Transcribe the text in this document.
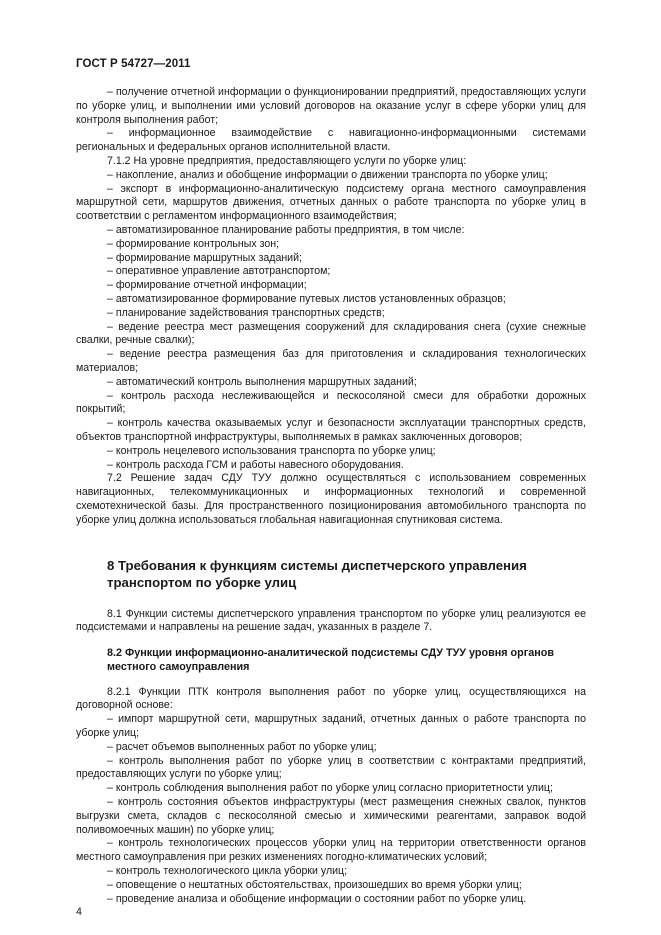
ГОСТ Р 54727—2011

– получение отчетной информации о функционировании предприятий, предоставляющих услуги по уборке улиц, и выполнении ими условий договоров на оказание услуг в сфере уборки улиц для контроля выполнения работ;

– информационное взаимодействие с навигационно-информационными системами региональных и федеральных органов исполнительной власти.

7.1.2 На уровне предприятия, предоставляющего услуги по уборке улиц:

– накопление, анализ и обобщение информации о движении транспорта по уборке улиц;

– экспорт в информационно-аналитическую подсистему органа местного самоуправления маршрутной сети, маршрутов движения, отчетных данных о работе транспорта по уборке улиц в соответствии с регламентом информационного взаимодействия;

– автоматизированное планирование работы предприятия, в том числе:

– формирование контрольных зон;

– формирование маршрутных заданий;

– оперативное управление автотранспортом;

– формирование отчетной информации;

– автоматизированное формирование путевых листов установленных образцов;

– планирование задействования транспортных средств;

– ведение реестра мест размещения сооружений для складирования снега (сухие снежные свалки, речные свалки);

– ведение реестра размещения баз для приготовления и складирования технологических материалов;

– автоматический контроль выполнения маршрутных заданий;

– контроль расхода неслеживающейся и пескосоляной смеси для обработки дорожных покрытий;

– контроль качества оказываемых услуг и безопасности эксплуатации транспортных средств, объектов транспортной инфраструктуры, выполняемых в рамках заключенных договоров;

– контроль нецелевого использования транспорта по уборке улиц;

– контроль расхода ГСМ и работы навесного оборудования.

7.2 Решение задач СДУ ТУУ должно осуществляться с использованием современных навигационных, телекоммуникационных и информационных технологий и современной схемотехнической базы. Для пространственного позиционирования автомобильного транспорта по уборке улиц должна использоваться глобальная навигационная спутниковая система.

8 Требования к функциям системы диспетчерского управления транспортом по уборке улиц

8.1 Функции системы диспетчерского управления транспортом по уборке улиц реализуются ее подсистемами и направлены на решение задач, указанных в разделе 7.

8.2 Функции информационно-аналитической подсистемы СДУ ТУУ уровня органов местного самоуправления

8.2.1 Функции ПТК контроля выполнения работ по уборке улиц, осуществляющихся на договорной основе:

– импорт маршрутной сети, маршрутных заданий, отчетных данных о работе транспорта по уборке улиц;

– расчет объемов выполненных работ по уборке улиц;

– контроль выполнения работ по уборке улиц в соответствии с контрактами предприятий, предоставляющих услуги по уборке улиц;

– контроль соблюдения выполнения работ по уборке улиц согласно приоритетности улиц;

– контроль состояния объектов инфраструктуры (мест размещения снежных свалок, пунктов выгрузки смета, складов с пескосоляной смесью и химическими реагентами, заправок водой поливомоечных машин) по уборке улиц;

– контроль технологических процессов уборки улиц на территории ответственности органов местного самоуправления при резких изменениях погодно-климатических условий;

– контроль технологического цикла уборки улиц;

– оповещение о нештатных обстоятельствах, произошедших во время уборки улиц;

– проведение анализа и обобщение информации о состоянии работ по уборке улиц.

4
